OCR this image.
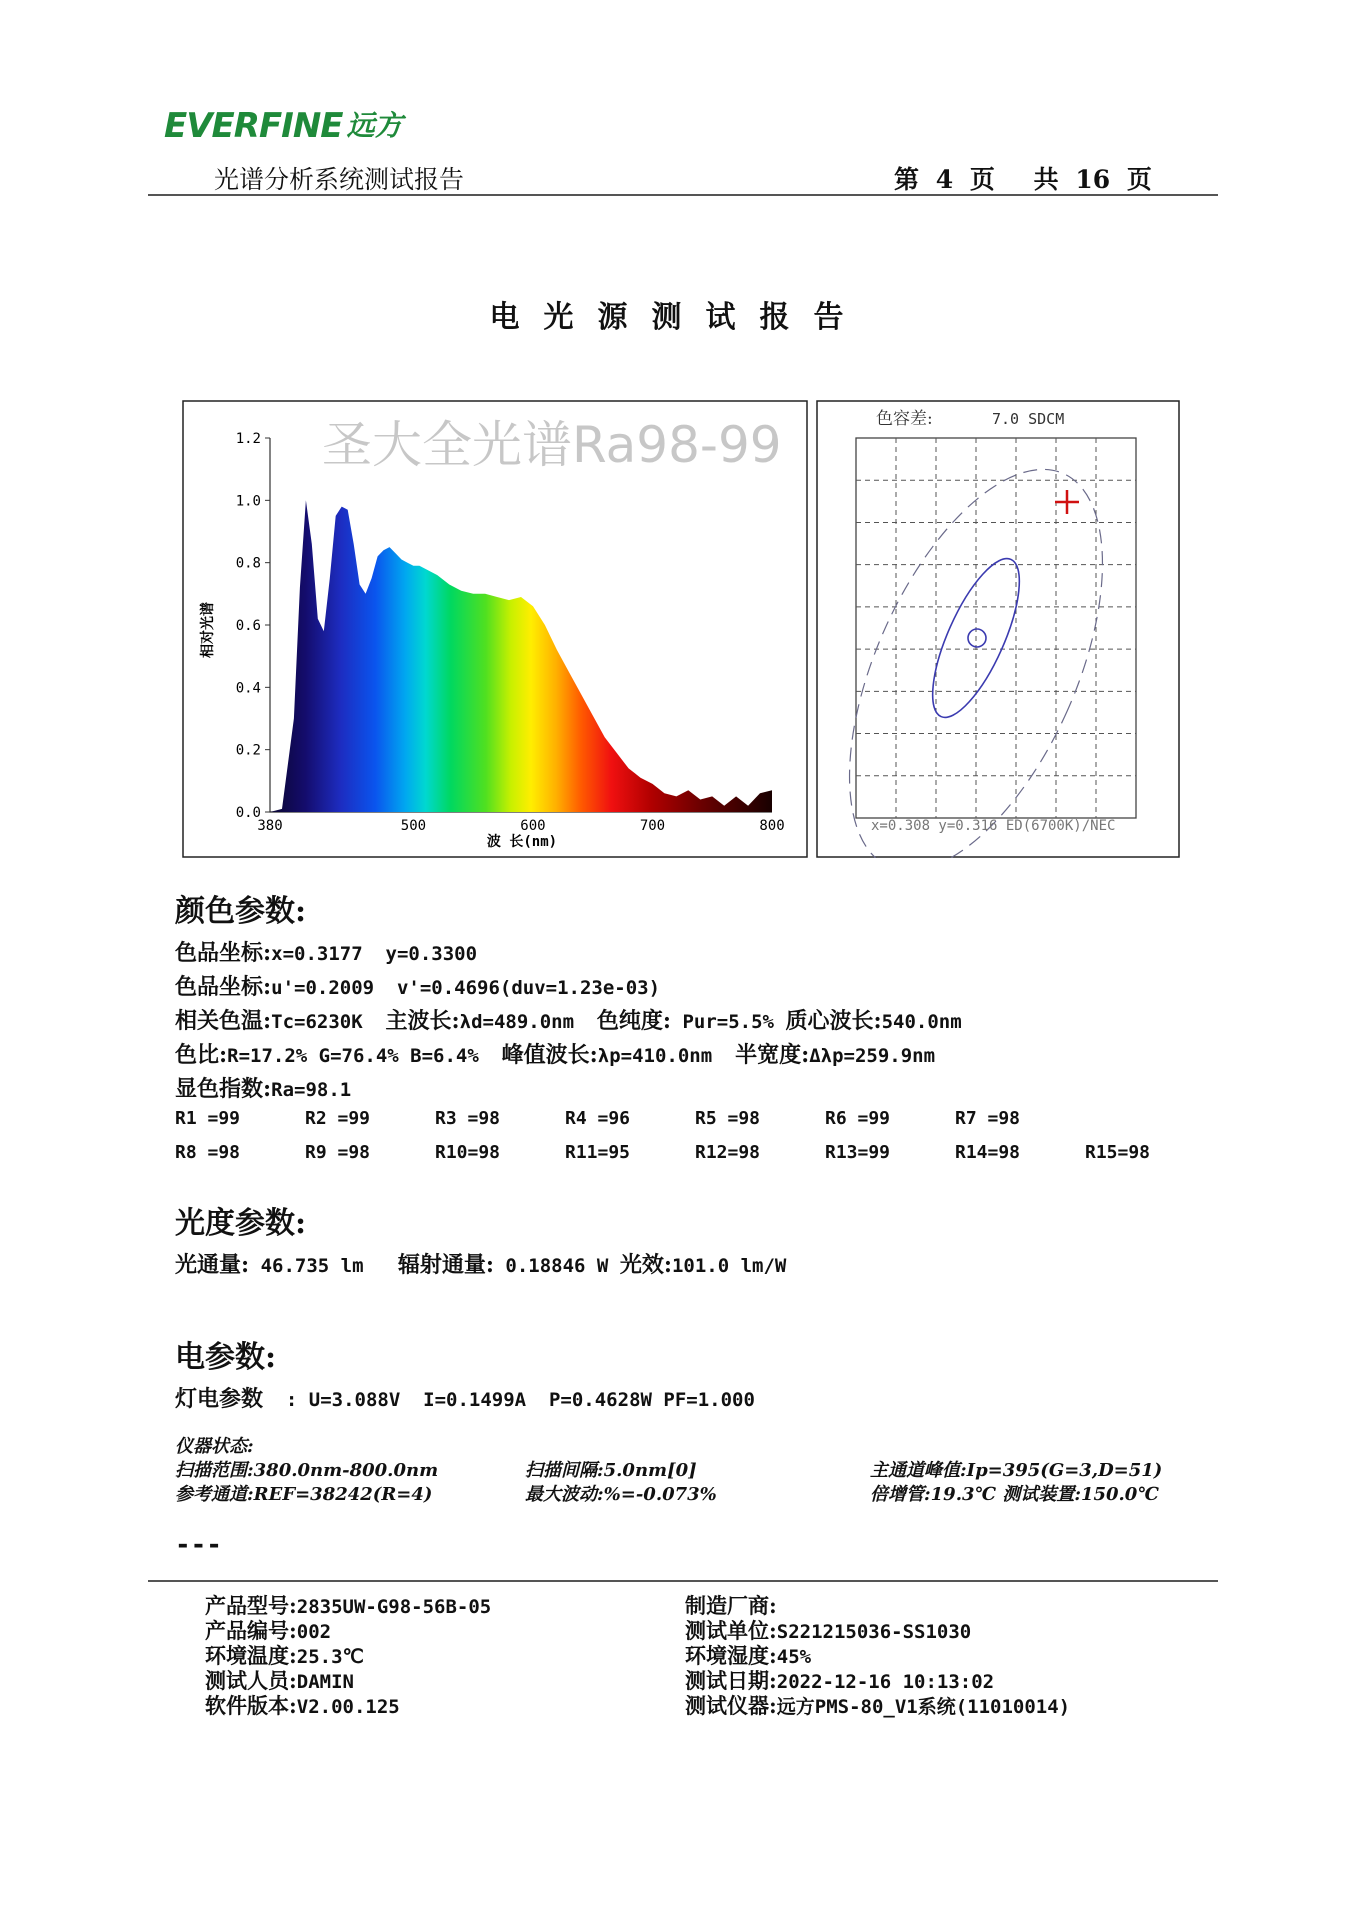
EVERFINE 远方
光谱分析系统测试报告	第 4 页 共 16 页
电光源测试报告
0.0
0.2
0.4
0.6
0.8
1.0
1.2
380	500	600	700	800
圣大全光谱Ra98-99
相对光谱
波 长(nm)
色容差:	7.0 SDCM
x=0.308 y=0.316 ED(6700K)/NEC
颜色参数:
色品坐标:x=0.3177  y=0.3300
色品坐标:u'=0.2009  v'=0.4696(duv=1.23e-03)
相关色温:Tc=6230K  主波长:λd=489.0nm  色纯度: Pur=5.5% 质心波长:540.0nm
色比:R=17.2% G=76.4% B=6.4%  峰值波长:λp=410.0nm  半宽度:Δλp=259.9nm
显色指数:Ra=98.1
R1 =99	R2 =99	R3 =98	R4 =96	R5 =98	R6 =99	R7 =98
R8 =98	R9 =98	R10=98	R11=95	R12=98	R13=99	R14=98	R15=98
光度参数:
光通量: 46.735 lm   辐射通量: 0.18846 W 光效:101.0 lm/W
电参数:
灯电参数  : U=3.088V  I=0.1499A  P=0.4628W PF=1.000
仪器状态:
扫描范围:380.0nm-800.0nm	扫描间隔:5.0nm[0]	主通道峰值:Ip=395(G=3,D=51)
参考通道:REF=38242(R=4)	最大波动:%=-0.073%	倍增管:19.3℃ 测试装置:150.0℃
---
产品型号:2835UW-G98-56B-05
产品编号:002
环境温度:25.3℃
测试人员:DAMIN
软件版本:V2.00.125
制造厂商:
测试单位:S221215036-SS1030
环境湿度:45%
测试日期:2022-12-16 10:13:02
测试仪器:远方PMS-80_V1系统(11010014)
